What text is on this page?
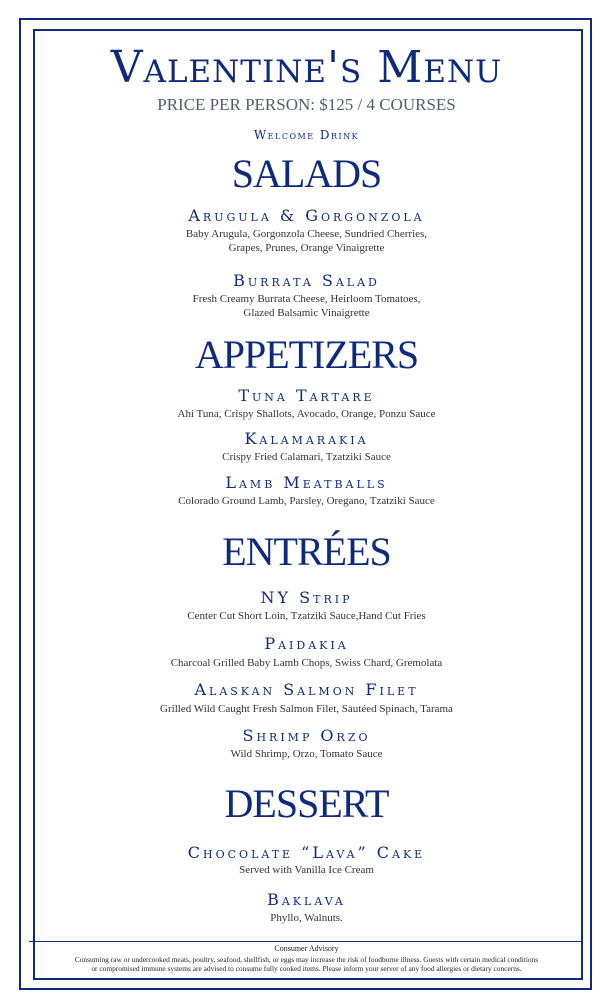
Valentine's Menu
PRICE PER PERSON: $125 / 4 COURSES
Welcome Drink
SALADS
Arugula & Gorgonzola
Baby Arugula, Gorgonzola Cheese, Sundried Cherries,
Grapes, Prunes, Orange Vinaigrette
Burrata Salad
Fresh Creamy Burrata Cheese, Heirloom Tomatoes,
Glazed Balsamic Vinaigrette
APPETIZERS
Tuna Tartare
Ahi Tuna, Crispy Shallots, Avocado, Orange, Ponzu Sauce
Kalamarakia
Crispy Fried Calamari, Tzatziki Sauce
Lamb Meatballs
Colorado Ground Lamb, Parsley, Oregano, Tzatziki Sauce
ENTRÉES
NY Strip
Center Cut Short Loin, Tzatziki Sauce,Hand Cut Fries
Paidakia
Charcoal Grilled Baby Lamb Chops, Swiss Chard, Gremolata
Alaskan Salmon Filet
Grilled Wild Caught Fresh Salmon Filet, Sautéed Spinach, Tarama
Shrimp Orzo
Wild Shrimp, Orzo, Tomato Sauce
DESSERT
Chocolate “Lava” Cake
Served with Vanilla Ice Cream
Baklava
Phyllo, Walnuts.
Consumer Advisory
Consuming raw or undercooked meats, poultry, seafood, shellfish, or eggs may increase the risk of foodborne illness. Guests with certain medical conditions
or compromised immune systems are advised to consume fully cooked items. Please inform your server of any food allergies or dietary concerns.
